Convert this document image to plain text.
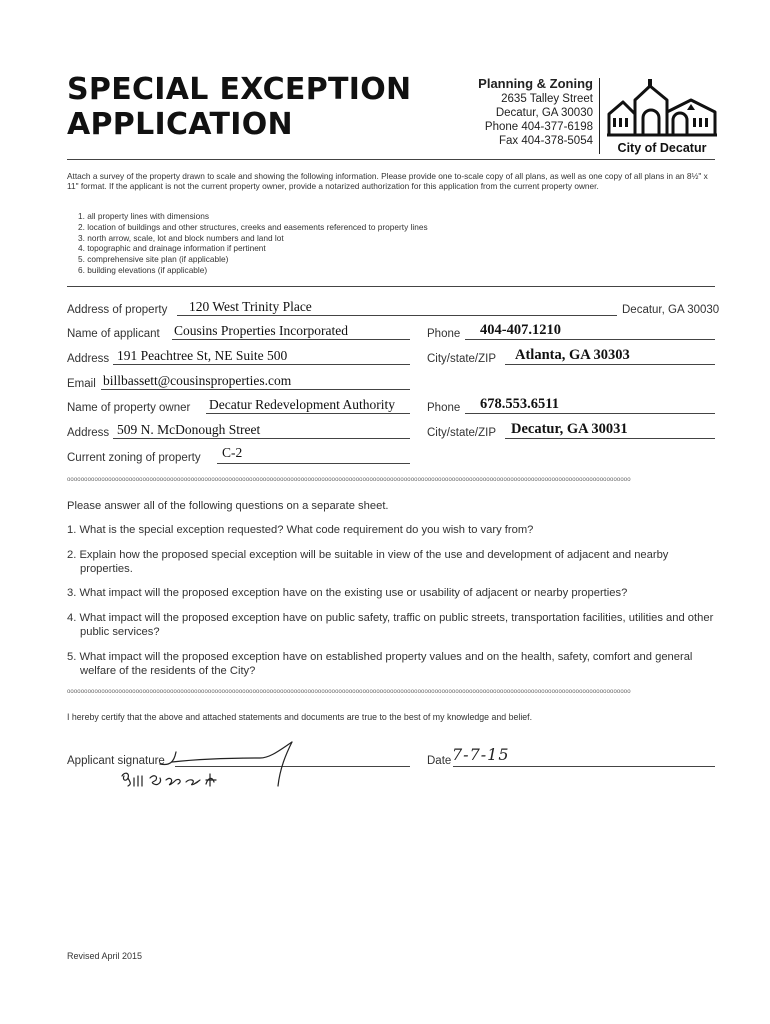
SPECIAL EXCEPTION
APPLICATION
Planning & Zoning
2635 Talley Street
Decatur, GA 30030
Phone 404-377-6198
Fax 404-378-5054	City of Decatur
Attach a survey of the property drawn to scale and showing the following information. Please provide one to-scale copy of all plans, as well as one copy of all plans in an 8½" x 11" format. If the applicant is not the current property owner, provide a notarized authorization for this application from the current property owner.
1. all property lines with dimensions
2. location of buildings and other structures, creeks and easements referenced to property lines
3. north arrow, scale, lot and block numbers and land lot
4. topographic and drainage information if pertinent
5. comprehensive site plan (if applicable)
6. building elevations (if applicable)
Address of property 120 West Trinity Place	Decatur, GA 30030
Name of applicant Cousins Properties Incorporated	Phone 404-407.1210
Address 191 Peachtree St, NE Suite 500	City/state/ZIP Atlanta, GA 30303
Email billbassett@cousinsproperties.com
Name of property owner Decatur Redevelopment Authority	Phone 678.553.6511
Address 509 N. McDonough Street	City/state/ZIP Decatur, GA 30031
Current zoning of property C-2
oooooooooooooooooooooooooooooooooooooooooooooooooooooooooooooooooooooooooooooooooooooooooooooooooooooooooooooooooooooooooooooooooooooooooooooooooooooooooooooooooooo
Please answer all of the following questions on a separate sheet.
1. What is the special exception requested? What code requirement do you wish to vary from?
2. Explain how the proposed special exception will be suitable in view of the use and development of adjacent and nearby properties.
3. What impact will the proposed exception have on the existing use or usability of adjacent or nearby properties?
4. What impact will the proposed exception have on public safety, traffic on public streets, transportation facilities, utilities and other public services?
5. What impact will the proposed exception have on established property values and on the health, safety, comfort and general welfare of the residents of the City?
oooooooooooooooooooooooooooooooooooooooooooooooooooooooooooooooooooooooooooooooooooooooooooooooooooooooooooooooooooooooooooooooooooooooooooooooooooooooooooooooooooo
I hereby certify that the above and attached statements and documents are true to the best of my knowledge and belief.
Applicant signature	Date 7-7-15
Revised April 2015
